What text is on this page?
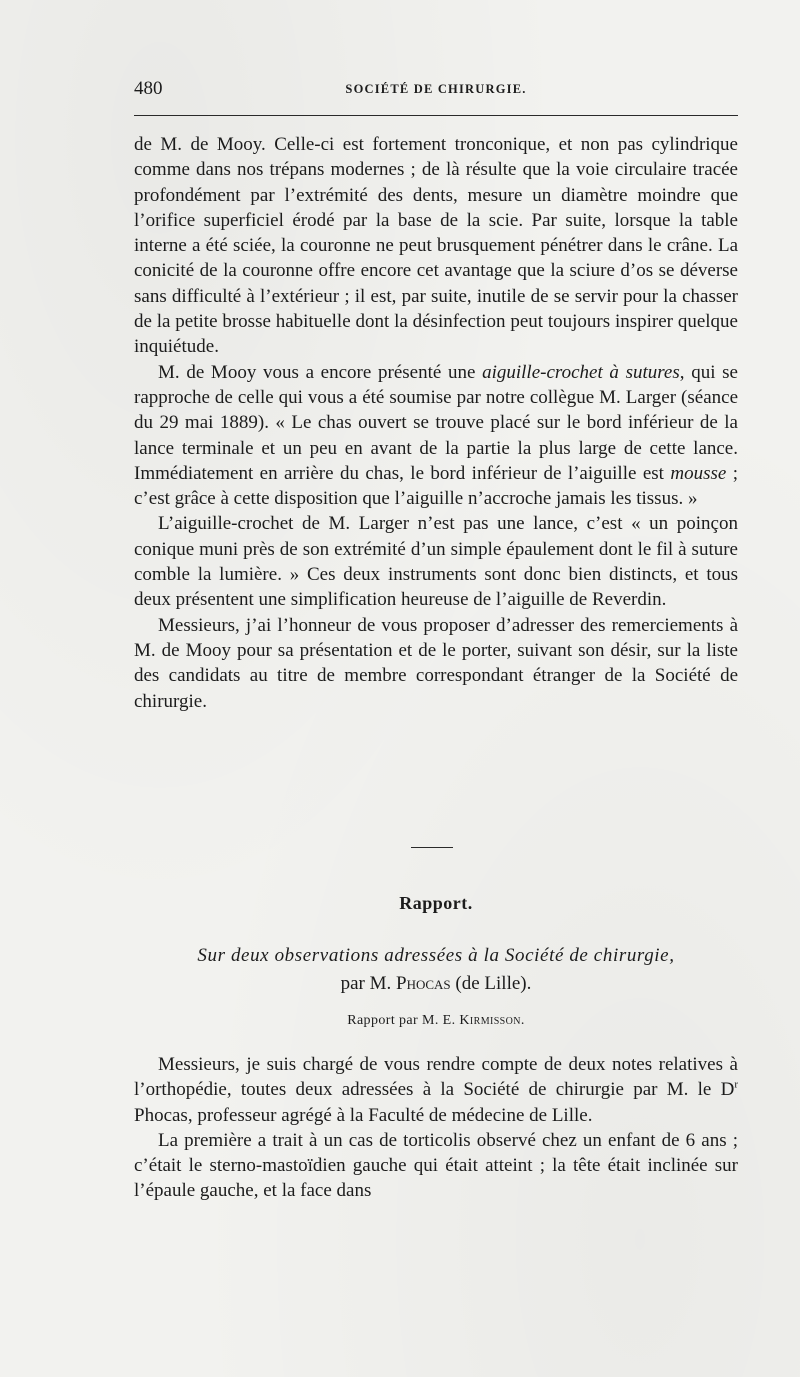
480	SOCIÉTÉ DE CHIRURGIE.

de M. de Mooy. Celle-ci est fortement tronconique, et non pas cylindrique comme dans nos trépans modernes ; de là résulte que la voie circulaire tracée profondément par l’extrémité des dents, mesure un diamètre moindre que l’orifice superficiel érodé par la base de la scie. Par suite, lorsque la table interne a été sciée, la couronne ne peut brusquement pénétrer dans le crâne. La conicité de la couronne offre encore cet avantage que la sciure d’os se déverse sans difficulté à l’extérieur ; il est, par suite, inutile de se servir pour la chasser de la petite brosse habituelle dont la désinfection peut toujours inspirer quelque inquiétude.

M. de Mooy vous a encore présenté une aiguille-crochet à sutures, qui se rapproche de celle qui vous a été soumise par notre collègue M. Larger (séance du 29 mai 1889). « Le chas ouvert se trouve placé sur le bord inférieur de la lance terminale et un peu en avant de la partie la plus large de cette lance. Immédiatement en arrière du chas, le bord inférieur de l’aiguille est mousse ; c’est grâce à cette disposition que l’aiguille n’accroche jamais les tissus. »

L’aiguille-crochet de M. Larger n’est pas une lance, c’est « un poinçon conique muni près de son extrémité d’un simple épaulement dont le fil à suture comble la lumière. » Ces deux instruments sont donc bien distincts, et tous deux présentent une simplification heureuse de l’aiguille de Reverdin.

Messieurs, j’ai l’honneur de vous proposer d’adresser des remerciements à M. de Mooy pour sa présentation et de le porter, suivant son désir, sur la liste des candidats au titre de membre correspondant étranger de la Société de chirurgie.

Rapport.
Sur deux observations adressées à la Société de chirurgie,
par M. Phocas (de Lille).
Rapport par M. E. Kirmisson.

Messieurs, je suis chargé de vous rendre compte de deux notes relatives à l’orthopédie, toutes deux adressées à la Société de chirurgie par M. le $D^r$ Phocas, professeur agrégé à la Faculté de médecine de Lille.

La première a trait à un cas de torticolis observé chez un enfant de 6 ans ; c’était le sterno-mastoïdien gauche qui était atteint ; la tête était inclinée sur l’épaule gauche, et la face dans
